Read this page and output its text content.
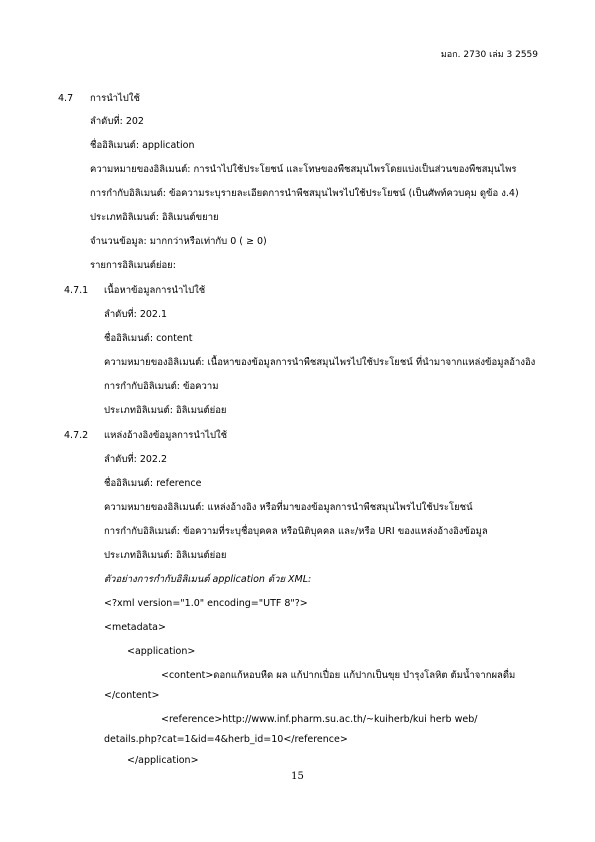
มอก. 2730 เล่ม 3 2559
4.7 การนำไปใช้
ลำดับที่: 202
ชื่ออิลิเมนต์: application
ความหมายของอิลิเมนต์: การนำไปใช้ประโยชน์ และโทษของพืชสมุนไพรโดยแบ่งเป็นส่วนของพืชสมุนไพร
การกำกับอิลิเมนต์: ข้อความระบุรายละเอียดการนำพืชสมุนไพรไปใช้ประโยชน์ (เป็นศัพท์ควบคุม ดูข้อ ง.4)
ประเภทอิลิเมนต์: อิลิเมนต์ขยาย
จำนวนข้อมูล: มากกว่าหรือเท่ากับ 0 ( ≥ 0)
รายการอิลิเมนต์ย่อย:
4.7.1 เนื้อหาข้อมูลการนำไปใช้
ลำดับที่: 202.1
ชื่ออิลิเมนต์: content
ความหมายของอิลิเมนต์: เนื้อหาของข้อมูลการนำพืชสมุนไพรไปใช้ประโยชน์ ที่นำมาจากแหล่งข้อมูลอ้างอิง
การกำกับอิลิเมนต์: ข้อความ
ประเภทอิลิเมนต์: อิลิเมนต์ย่อย
4.7.2 แหล่งอ้างอิงข้อมูลการนำไปใช้
ลำดับที่: 202.2
ชื่ออิลิเมนต์: reference
ความหมายของอิลิเมนต์: แหล่งอ้างอิง หรือที่มาของข้อมูลการนำพืชสมุนไพรไปใช้ประโยชน์
การกำกับอิลิเมนต์: ข้อความที่ระบุชื่อบุคคล หรือนิติบุคคล และ/หรือ URI ของแหล่งอ้างอิงข้อมูล
ประเภทอิลิเมนต์: อิลิเมนต์ย่อย
ตัวอย่างการกำกับอิลิเมนต์ application ด้วย XML:
<?xml version="1.0" encoding="UTF 8"?>
<metadata>
<application>
<content>ดอกแก้หอบหืด ผล แก้ปากเปื่อย แก้ปากเป็นขุย บำรุงโลหิต ต้มน้ำจากผลดื่ม
</content>
<reference>http://www.inf.pharm.su.ac.th/~kuiherb/kui herb web/
details.php?cat=1&id=4&herb_id=10</reference>
</application>
15
